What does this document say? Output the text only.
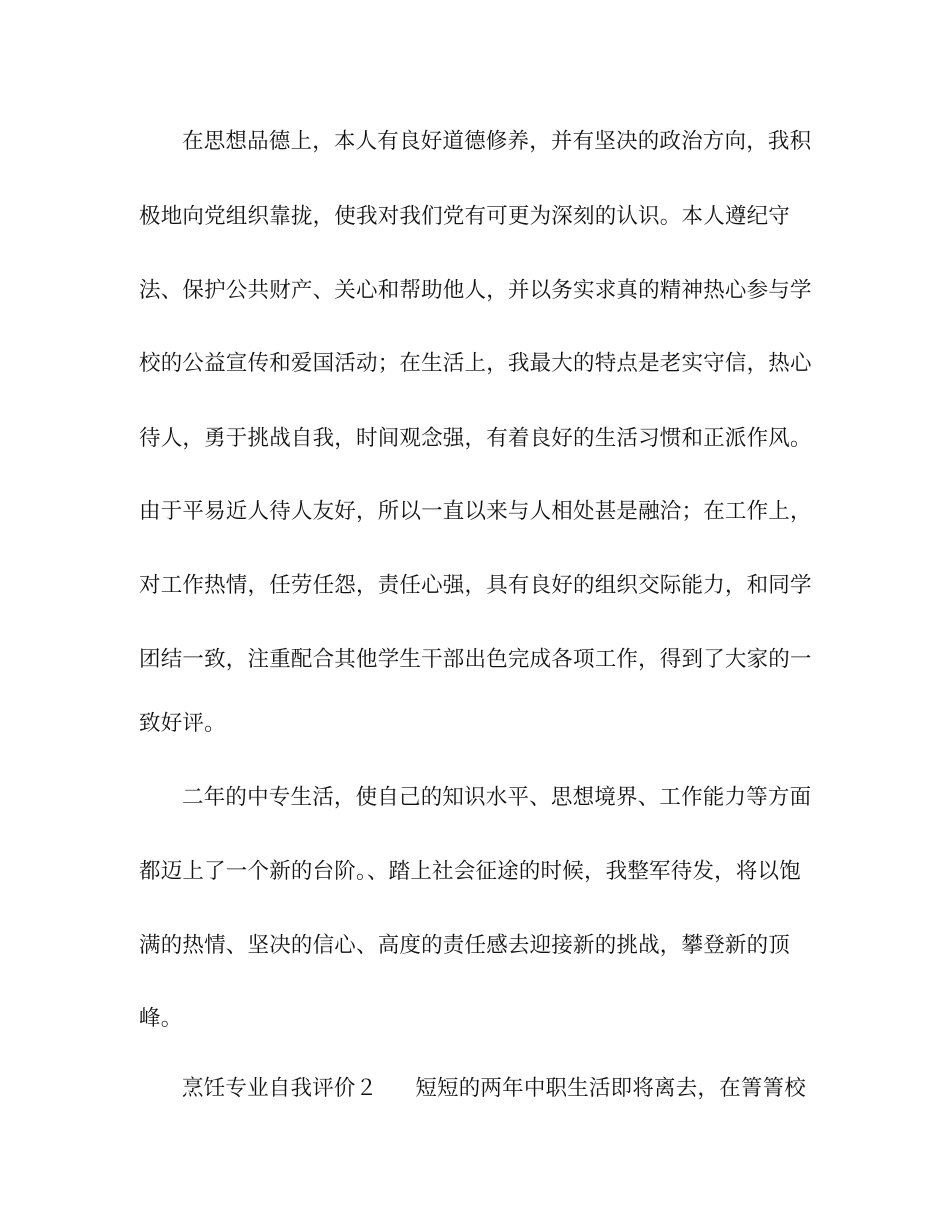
在思想品德上，本人有良好道德修养，并有坚决的政治方向，我积
极地向党组织靠拢，使我对我们党有可更为深刻的认识。本人遵纪守
法、保护公共财产、关心和帮助他人，并以务实求真的精神热心参与学
校的公益宣传和爱国活动；在生活上，我最大的特点是老实守信，热心
待人，勇于挑战自我，时间观念强，有着良好的生活习惯和正派作风。
由于平易近人待人友好，所以一直以来与人相处甚是融洽；在工作上，
对工作热情，任劳任怨，责任心强，具有良好的组织交际能力，和同学
团结一致，注重配合其他学生干部出色完成各项工作，得到了大家的一
致好评。
二年的中专生活，使自己的知识水平、思想境界、工作能力等方面
都迈上了一个新的台阶。、踏上社会征途的时候，我整军待发，将以饱
满的热情、坚决的信心、高度的责任感去迎接新的挑战，攀登新的顶
峰。
烹饪专业自我评价２ 短短的两年中职生活即将离去，在箐箐校
